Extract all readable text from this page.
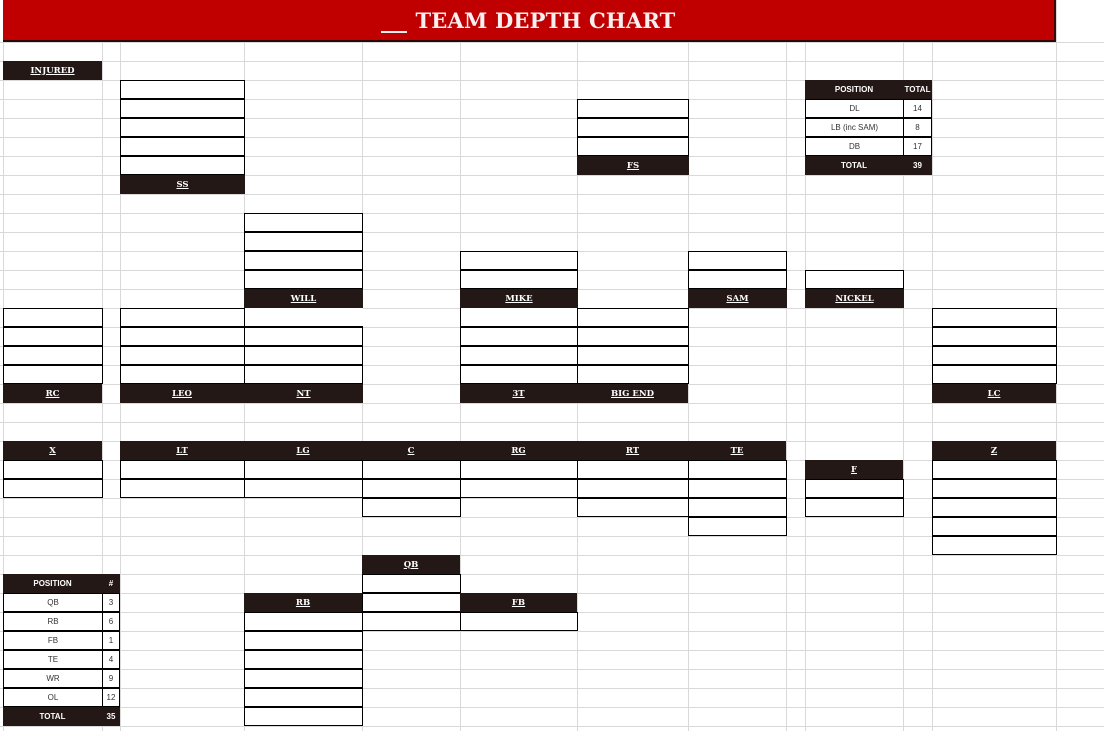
TEAM DEPTH CHART
INJURED
SS
FS
POSITION	TOTAL
DL	14
LB (inc SAM)	8
DB	17
TOTAL	39
WILL	MIKE	SAM	NICKEL
RC	LEO	NT	3T	BIG END	LC
X	LT	LG	C	RG	RT	TE	Z
F
QB
RB	FB
POSITION	#
QB	3
RB	6
FB	1
TE	4
WR	9
OL	12
TOTAL	35
